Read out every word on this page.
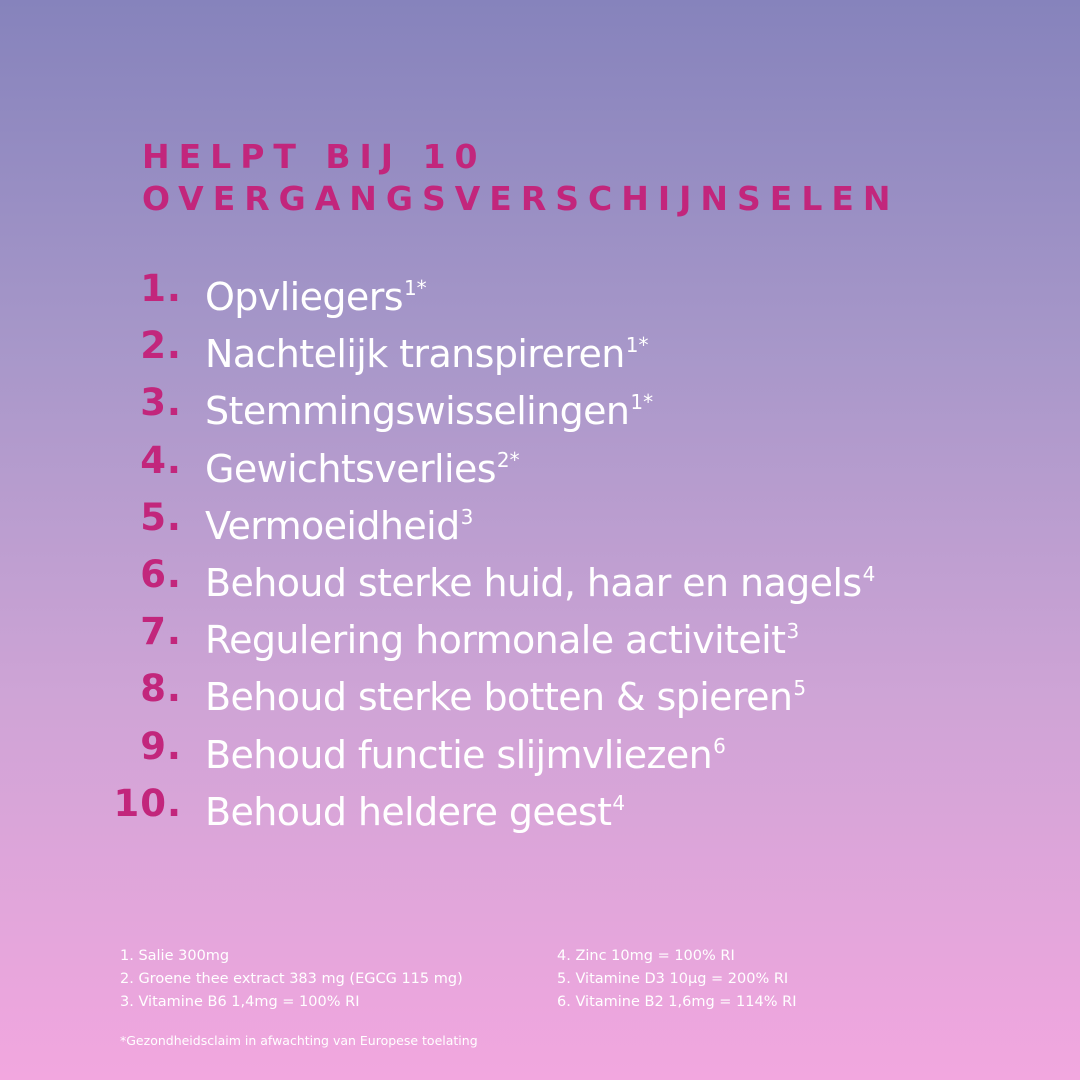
HELPT BIJ 10
OVERGANGSVERSCHIJNSELEN
1. Opvliegers$^{1*}$
2. Nachtelijk transpireren$^{1*}$
3. Stemmingswisselingen$^{1*}$
4. Gewichtsverlies$^{2*}$
5. Vermoeidheid$^3$
6. Behoud sterke huid, haar en nagels$^4$
7. Regulering hormonale activiteit$^3$
8. Behoud sterke botten & spieren$^5$
9. Behoud functie slijmvliezen$^6$
10. Behoud heldere geest$^4$
1. Salie 300mg
2. Groene thee extract 383 mg (EGCG 115 mg)
3. Vitamine B6 1,4mg = 100% RI
4. Zinc 10mg = 100% RI
5. Vitamine D3 10µg = 200% RI
6. Vitamine B2 1,6mg = 114% RI
*Gezondheidsclaim in afwachting van Europese toelating
